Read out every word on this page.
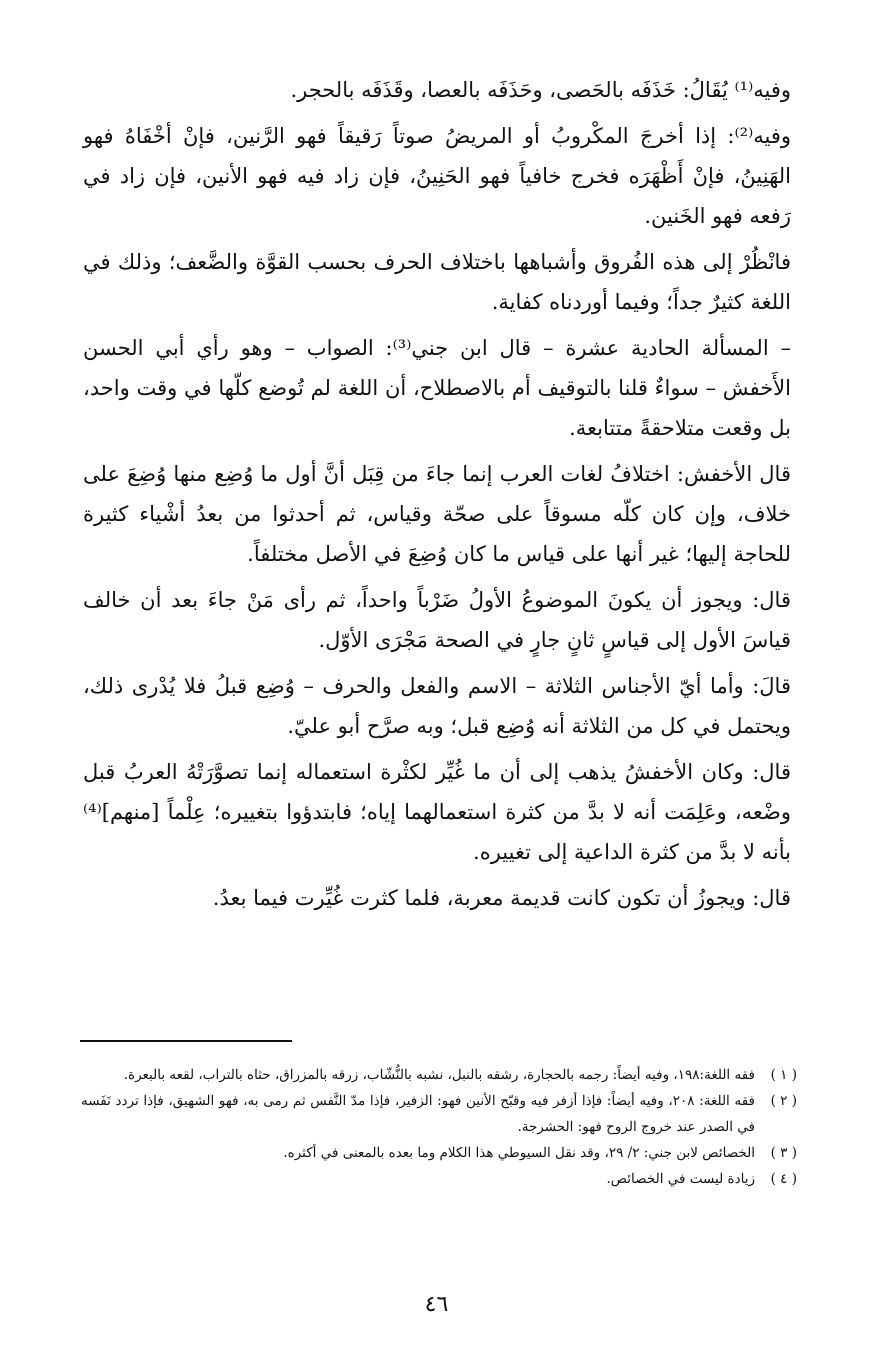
وفيه⁽¹⁾ يُقَالُ: خَذَفَه بالحَصى، وحَذَفَه بالعصا، وقَذَفَه بالحجر.

وفيه⁽²⁾: إذا أخرجَ المكْروبُ أو المريضُ صوتاً رَقيقاً فهو الرَّنين، فإنْ أخْفَاهُ فهو الهَنِينُ، فإنْ أَظْهَرَه فخرج خافياً فهو الحَنِينُ، فإن زاد فيه فهو الأنين، فإن زاد في رَفعه فهو الخَنين.

فانْظُرْ إلى هذه الفُروق وأشباهها باختلاف الحرف بحسب القوَّة والضَّعف؛ وذلك في اللغة كثيرٌ جداً؛ وفيما أوردناه كفاية.

– المسألة الحادية عشرة – قال ابن جني⁽³⁾: الصواب – وهو رأي أبي الحسن الأَخفش – سواءٌ قلنا بالتوقيف أم بالاصطلاح، أن اللغة لم تُوضع كلّها في وقت واحد، بل وقعت متلاحقةً متتابعة.

قال الأخفش: اختلافُ لغات العرب إنما جاءَ من قِبَل أنَّ أول ما وُضِع منها وُضِعَ على خلاف، وإن كان كلّه مسوقاً على صحّة وقياس، ثم أحدثوا من بعدُ أشْياء كثيرة للحاجة إليها؛ غير أنها على قياس ما كان وُضِعَ في الأصل مختلفاً.

قال: ويجوز أن يكونَ الموضوعُ الأولُ ضَرْباً واحداً، ثم رأى مَنْ جاءَ بعد أن خالف قياسَ الأول إلى قياسٍ ثانٍ جارٍ في الصحة مَجْرَى الأوّل.

قالَ: وأما أيّ الأجناس الثلاثة – الاسم والفعل والحرف – وُضِع قبلُ فلا يُدْرى ذلك، ويحتمل في كل من الثلاثة أنه وُضِع قبل؛ وبه صرَّح أبو عليّ.

قال: وكان الأخفشُ يذهب إلى أن ما غُيِّر لكثْرة استعماله إنما تصوَّرَتْهُ العربُ قبل وضْعه، وعَلِمَت أنه لا بدَّ من كثرة استعمالهما إياه؛ فابتدؤوا بتغييره؛ عِلْماً [منهم]⁽⁴⁾ بأنه لا بدَّ من كثرة الداعية إلى تغييره.

قال: ويجوزُ أن تكون كانت قديمة معربة، فلما كثرت غُيِّرت فيما بعدُ.

( ١ )
فقه اللغة:١٩٨، وفيه أيضاً: رجمه بالحجارة، رشقه بالنبل، نشبه بالنُّشّاب، زرقه بالمزراق، حثاه بالتراب، لقعه بالبعرة.
( ٢ )
فقه اللغة: ٢٠٨، وفيه أيضاً: فإذا أزفر فيه وقبّح الأنين فهو: الزفير، فإذا مدّ النَّفس ثم رمى به، فهو الشهيق، فإذا تردد نَفَسه في الصدر عند خروج الروح فهو: الحشرجة.
( ٣ )
الخصائص لابن جني: ٢/ ٢٩، وقد نقل السيوطي هذا الكلام وما بعده بالمعنى في أكثره.
( ٤ )
زيادة ليست في الخصائص.
٤٦
